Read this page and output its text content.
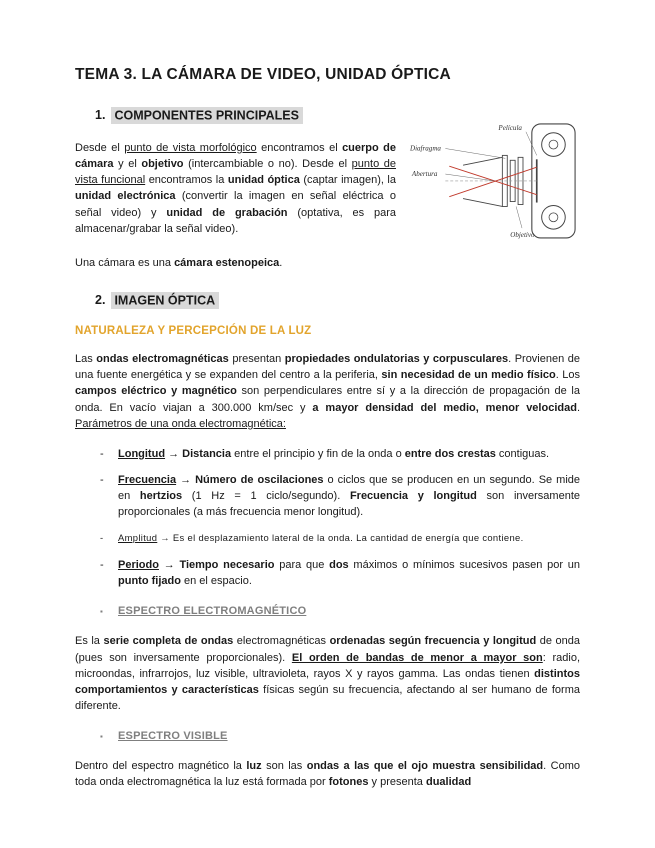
TEMA 3. LA CÁMARA DE VIDEO, UNIDAD ÓPTICA
1. COMPONENTES PRINCIPALES
Diafragma
Abertura
Película
Objetivo

Desde el punto de vista morfológico encontramos el cuerpo de cámara y el objetivo (intercambiable o no). Desde el punto de vista funcional encontramos la unidad óptica (captar imagen), la unidad electrónica (convertir la imagen en señal eléctrica o señal video) y unidad de grabación (optativa, es para almacenar/grabar la señal video).

Una cámara es una cámara estenopeica.

2. IMAGEN ÓPTICA
NATURALEZA Y PERCEPCIÓN DE LA LUZ

Las ondas electromagnéticas presentan propiedades ondulatorias y corpusculares. Provienen de una fuente energética y se expanden del centro a la periferia, sin necesidad de un medio físico. Los campos eléctrico y magnético son perpendiculares entre sí y a la dirección de propagación de la onda. En vacío viajan a 300.000 km/sec y a mayor densidad del medio, menor velocidad. Parámetros de una onda electromagnética:

-	Longitud → Distancia entre el principio y fin de la onda o entre dos crestas contiguas.
-	Frecuencia → Número de oscilaciones o ciclos que se producen en un segundo. Se mide en hertzios (1 Hz = 1 ciclo/segundo). Frecuencia y longitud son inversamente proporcionales (a más frecuencia menor longitud).
-	Amplitud → Es el desplazamiento lateral de la onda. La cantidad de energía que contiene.
-	Periodo → Tiempo necesario para que dos máximos o mínimos sucesivos pasen por un punto fijado en el espacio.
▪	ESPECTRO ELECTROMAGNÉTICO

Es la serie completa de ondas electromagnéticas ordenadas según frecuencia y longitud de onda (pues son inversamente proporcionales). El orden de bandas de menor a mayor son: radio, microondas, infrarrojos, luz visible, ultravioleta, rayos X y rayos gamma. Las ondas tienen distintos comportamientos y características físicas según su frecuencia, afectando al ser humano de forma diferente.

▪	ESPECTRO VISIBLE

Dentro del espectro magnético la luz son las ondas a las que el ojo muestra sensibilidad. Como toda onda electromagnética la luz está formada por fotones y presenta dualidad
